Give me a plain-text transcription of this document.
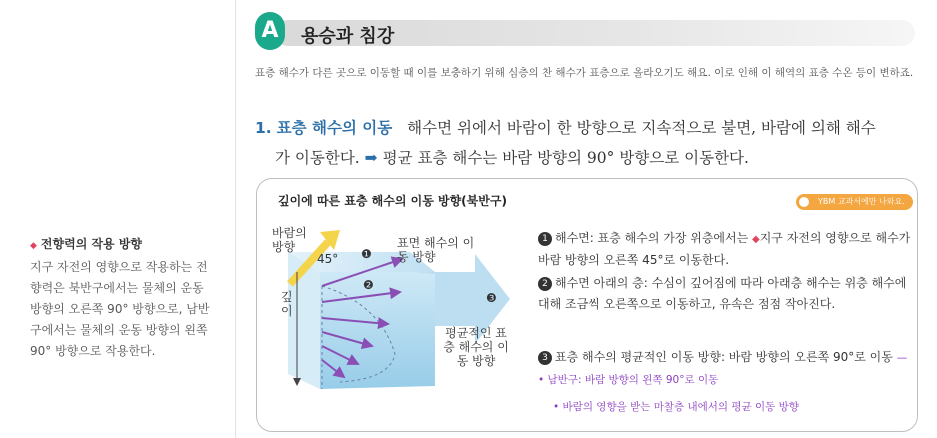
◆ 전향력의 작용 방향
지구 자전의 영향으로 작용하는 전향력은 북반구에서는 물체의 운동 방향의 오른쪽 90° 방향으로, 남반구에서는 물체의 운동 방향의 왼쪽 90° 방향으로 작용한다.
A	용승과 침강
표층 해수가 다른 곳으로 이동할 때 이를 보충하기 위해 심층의 찬 해수가 표층으로 올라오기도 해요. 이로 인해 이 해역의 표층 수온 등이 변하죠.
1. 표층 해수의 이동 해수면 위에서 바람이 한 방향으로 지속적으로 불면, 바람에 의해 해수
가 이동한다. ➡ 평균 표층 해수는 바람 방향의 90° 방향으로 이동한다.
깊이에 따른 표층 해수의 이동 방향(북반구)	YBM 교과서에만 나와요.
바람의 방향
45°
표면 해수의 이동 방향
깊이
평균적인 표층 해수의 이동 방향
❶
❷
❸
1 해수면: 표층 해수의 가장 위층에서는 ◆지구 자전의 영향으로 해수가 바람 방향의 오른쪽 45°로 이동한다.
2 해수면 아래의 층: 수심이 깊어짐에 따라 아래층 해수는 위층 해수에 대해 조금씩 오른쪽으로 이동하고, 유속은 점점 작아진다.
3 표층 해수의 평균적인 이동 방향: 바람 방향의 오른쪽 90°로 이동 —• 남반구: 바람 방향의 왼쪽 90°로 이동
• 바람의 영향을 받는 마찰층 내에서의 평균 이동 방향
